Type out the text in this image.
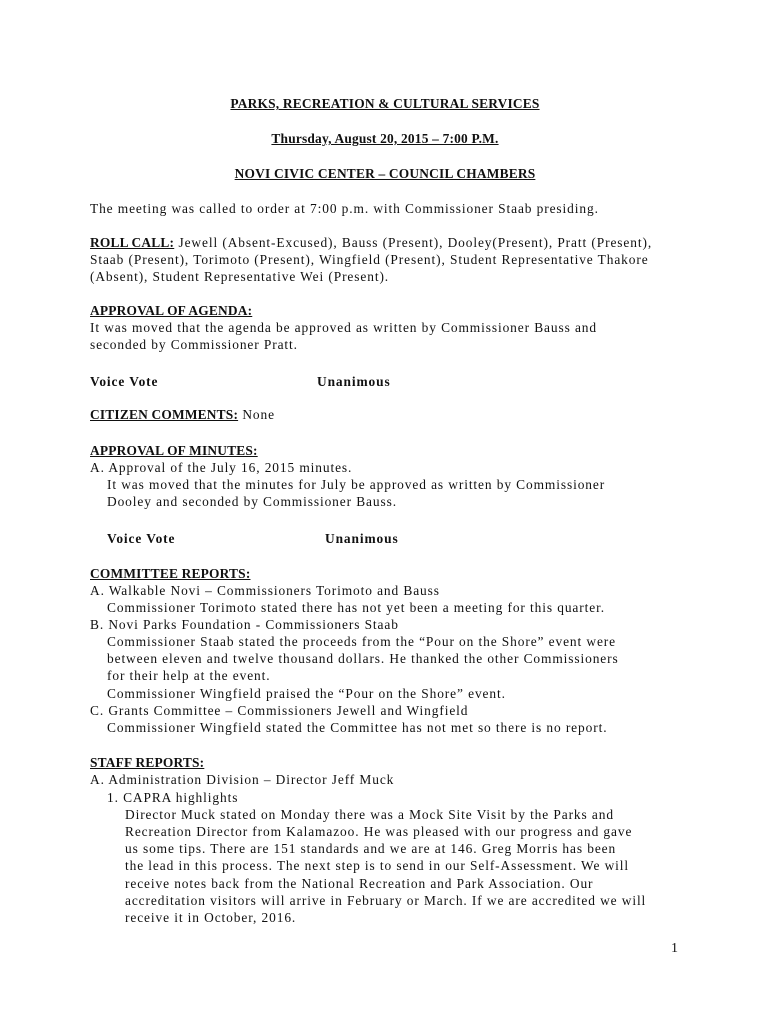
PARKS, RECREATION & CULTURAL SERVICES
Thursday, August 20, 2015 – 7:00 P.M.
NOVI CIVIC CENTER – COUNCIL CHAMBERS
The meeting was called to order at 7:00 p.m. with Commissioner Staab presiding.
ROLL CALL: Jewell (Absent-Excused), Bauss (Present), Dooley(Present), Pratt (Present),
Staab (Present), Torimoto (Present), Wingfield (Present), Student Representative Thakore
(Absent), Student Representative Wei (Present).
APPROVAL OF AGENDA:
It was moved that the agenda be approved as written by Commissioner Bauss and
seconded by Commissioner Pratt.
Voice Vote	Unanimous
CITIZEN COMMENTS: None
APPROVAL OF MINUTES:
A. Approval of the July 16, 2015 minutes.
It was moved that the minutes for July be approved as written by Commissioner
Dooley and seconded by Commissioner Bauss.
Voice Vote	Unanimous
COMMITTEE REPORTS:
A. Walkable Novi – Commissioners Torimoto and Bauss
Commissioner Torimoto stated there has not yet been a meeting for this quarter.
B. Novi Parks Foundation - Commissioners Staab
Commissioner Staab stated the proceeds from the “Pour on the Shore” event were
between eleven and twelve thousand dollars. He thanked the other Commissioners
for their help at the event.
Commissioner Wingfield praised the “Pour on the Shore” event.
C. Grants Committee – Commissioners Jewell and Wingfield
Commissioner Wingfield stated the Committee has not met so there is no report.
STAFF REPORTS:
A. Administration Division – Director Jeff Muck
1. CAPRA highlights
Director Muck stated on Monday there was a Mock Site Visit by the Parks and
Recreation Director from Kalamazoo. He was pleased with our progress and gave
us some tips. There are 151 standards and we are at 146. Greg Morris has been
the lead in this process. The next step is to send in our Self-Assessment. We will
receive notes back from the National Recreation and Park Association. Our
accreditation visitors will arrive in February or March. If we are accredited we will
receive it in October, 2016.
1
